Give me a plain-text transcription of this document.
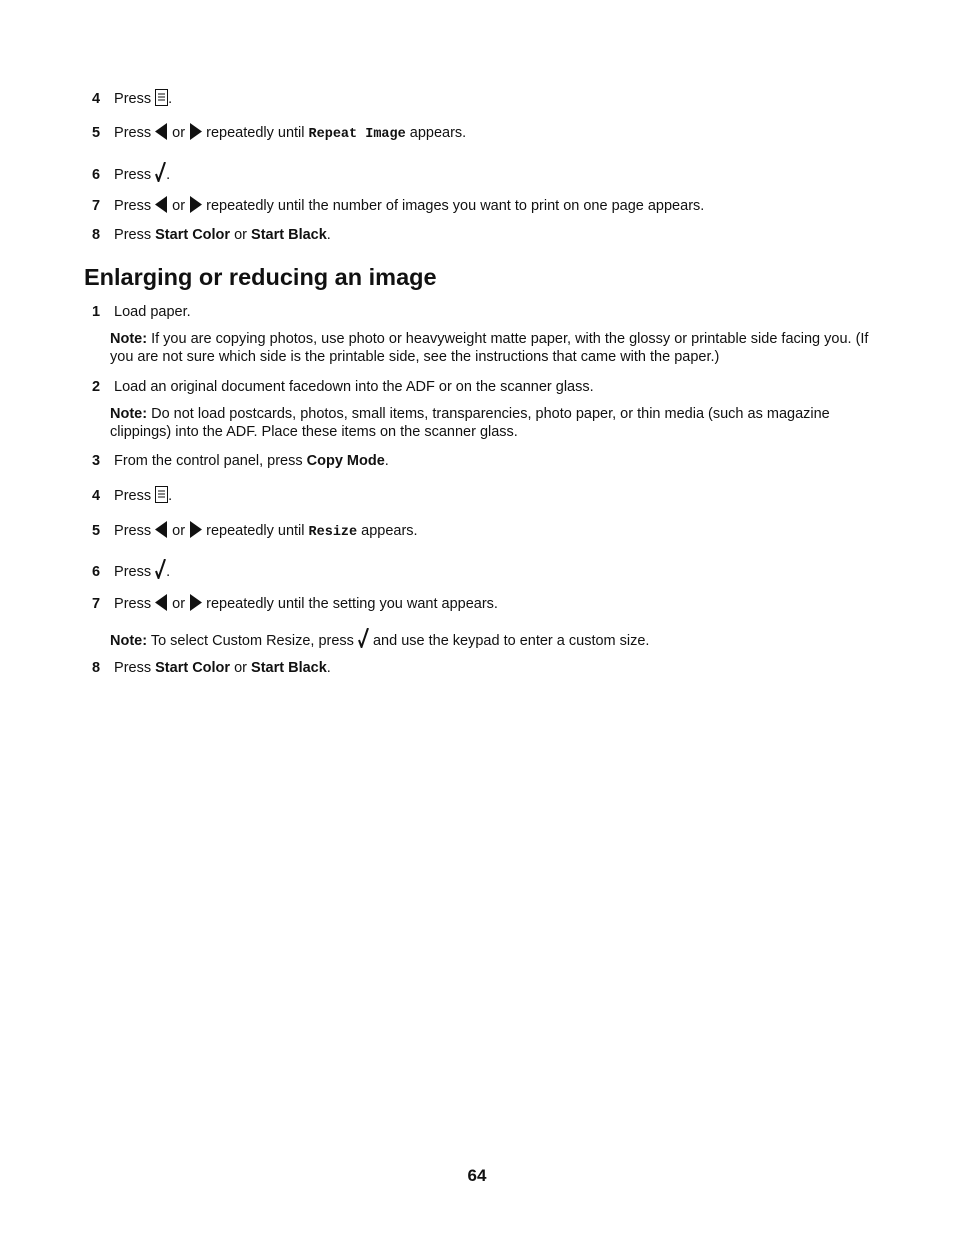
4 Press .
5 Press or repeatedly until Repeat Image appears.
6 Press .
7 Press or repeatedly until the number of images you want to print on one page appears.
8 Press Start Color or Start Black.
Enlarging or reducing an image
1 Load paper.
Note: If you are copying photos, use photo or heavyweight matte paper, with the glossy or printable side facing you. (If you are not sure which side is the printable side, see the instructions that came with the paper.)
2 Load an original document facedown into the ADF or on the scanner glass.
Note: Do not load postcards, photos, small items, transparencies, photo paper, or thin media (such as magazine clippings) into the ADF. Place these items on the scanner glass.
3 From the control panel, press Copy Mode.
4 Press .
5 Press or repeatedly until Resize appears.
6 Press .
7 Press or repeatedly until the setting you want appears.
Note: To select Custom Resize, press and use the keypad to enter a custom size.
8 Press Start Color or Start Black.
64
